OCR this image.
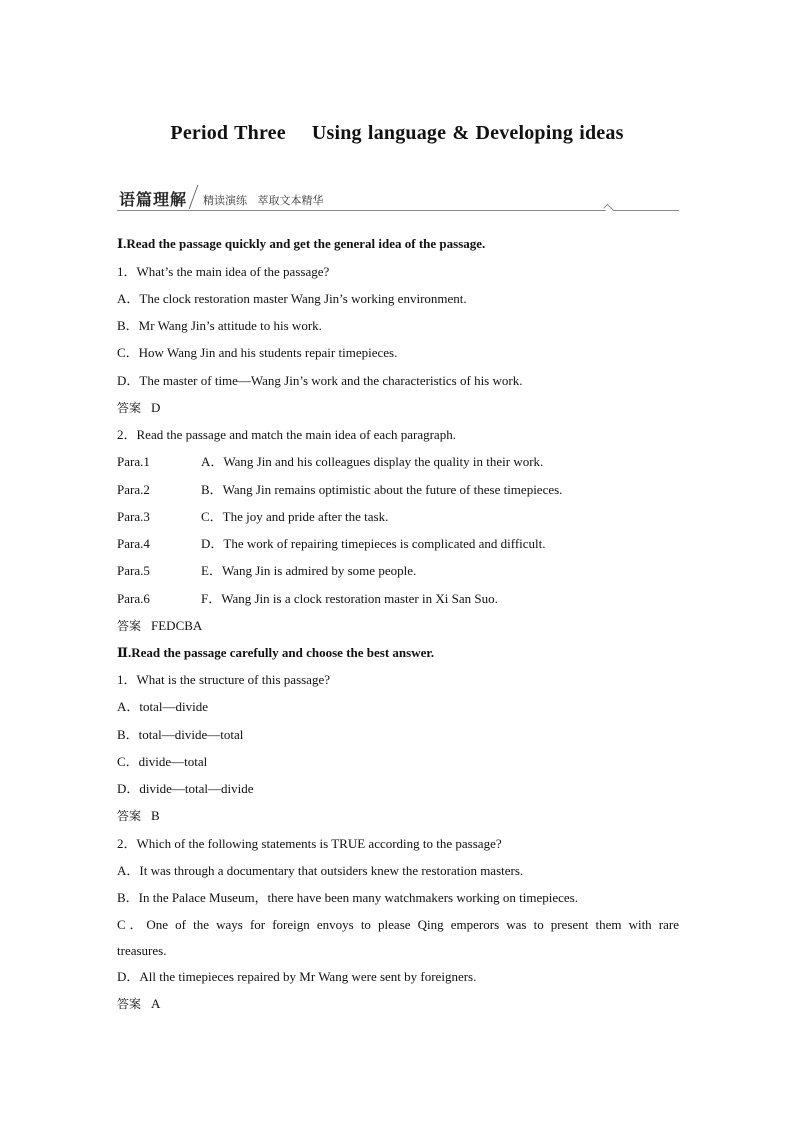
Period Three Using language & Developing ideas
语篇理解 精读演练   萃取文本精华
Ⅰ.Read the passage quickly and get the general idea of the passage.
1．What’s the main idea of the passage?
A．The clock restoration master Wang Jin’s working environment.
B．Mr Wang Jin’s attitude to his work.
C．How Wang Jin and his students repair timepieces.
D．The master of time—Wang Jin’s work and the characteristics of his work.
答案 D
2．Read the passage and match the main idea of each paragraph.
Para.1	A．Wang Jin and his colleagues display the quality in their work.
Para.2	B．Wang Jin remains optimistic about the future of these timepieces.
Para.3	C．The joy and pride after the task.
Para.4	D．The work of repairing timepieces is complicated and difficult.
Para.5	E．Wang Jin is admired by some people.
Para.6	F．Wang Jin is a clock restoration master in Xi San Suo.
答案 FEDCBA
Ⅱ.Read the passage carefully and choose the best answer.
1．What is the structure of this passage?
A．total—divide
B．total—divide—total
C．divide—total
D．divide—total—divide
答案 B
2．Which of the following statements is TRUE according to the passage?
A．It was through a documentary that outsiders knew the restoration masters.
B．In the Palace Museum，there have been many watchmakers working on timepieces.
C．One of the ways for foreign envoys to please Qing emperors was to present them with rare
treasures.
D．All the timepieces repaired by Mr Wang were sent by foreigners.
答案 A
